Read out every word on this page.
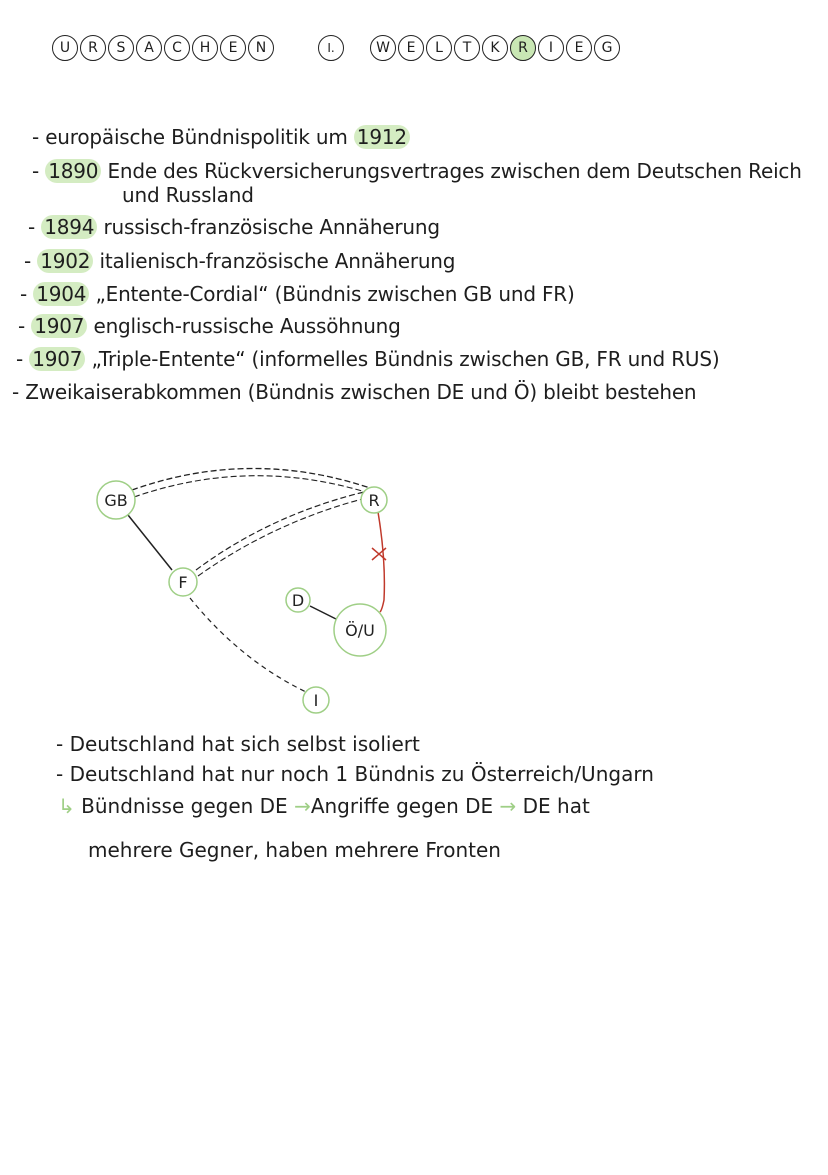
U	R	S	A	C	H	E	N	I.	W	E	L	T	K	R	I	E	G
- europäische Bündnispolitik um 1912
- 1890 Ende des Rückversicherungsvertrages zwischen dem Deutschen Reich
und Russland
- 1894 russisch-französische Annäherung
- 1902 italienisch-französische Annäherung
- 1904 „Entente-Cordial“ (Bündnis zwischen GB und FR)
- 1907 englisch-russische Aussöhnung
- 1907 „Triple-Entente“ (informelles Bündnis zwischen GB, FR und RUS)
- Zweikaiserabkommen (Bündnis zwischen DE und Ö) bleibt bestehen
GB	R
F
D
Ö/U
I
- Deutschland hat sich selbst isoliert
- Deutschland hat nur noch 1 Bündnis zu Österreich/Ungarn
↳ Bündnisse gegen DE →Angriffe gegen DE → DE hat
mehrere Gegner, haben mehrere Fronten
